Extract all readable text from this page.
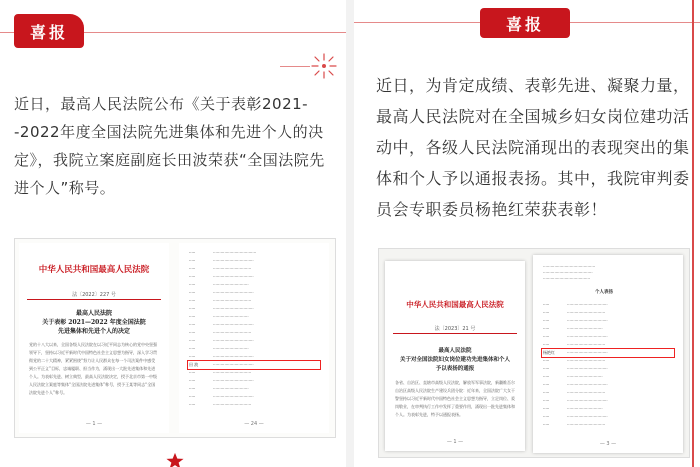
喜报
近日，最高人民法院公布《关于表彰2021--2022年度全国法院先进集体和先进个人的决定》，我院立案庭副庭长田波荣获“全国法院先进个人”称号。
中华人民共和国最高人民法院
法〔2022〕227 号
最高人民法院
关于表彰 2021—2022 年度全国法院
先进集体和先进个人的决定
党的十八大以来，全国各级人民法院在以习近平同志为核心的党中央坚强领导下，坚持以习近平新时代中国特色社会主义思想为指导，深入学习贯彻党的二十大精神，紧紧围绕“努力让人民群众在每一个司法案件中感受到公平正义”目标，忠诚履职、担当作为，涌现出一大批先进集体和先进个人。为表彰先进、树立典型，最高人民法院决定，授予北京市第一中级人民法院立案庭等集体“全国法院先进集体”称号，授予王某等同志“全国法院先进个人”称号。
— 1 —
·····	··································
·····	································
·····	······························
·····	································
·····	····························
·····	································
·····	······························
·····	································
·····	····························
·····	································
·····	······························
·····	································
·····	····························
·····	································
田 波	································
·····	······························
·····	································
·····	····························
·····	································
·····	······························
— 24 —
喜报
近日，为肯定成绩、表彰先进、凝聚力量，最高人民法院对在全国城乡妇女岗位建功活动中，各级人民法院涌现出的表现突出的集体和个人予以通报表扬。其中，我院审判委员会专职委员杨艳红荣获表彰！
中华人民共和国最高人民法院
法〔2023〕21 号
最高人民法院
关于对全国法院妇女岗位建功先进集体和个人
予以表扬的通报
各省、自治区、直辖市高级人民法院，解放军军事法院，新疆维吾尔自治区高级人民法院生产建设兵团分院：近年来，全国法院广大女干警坚持以习近平新时代中国特色社会主义思想为指导，立足岗位、爱岗敬业，在审判执行工作中发挥了重要作用，涌现出一批先进集体和个人。为表彰先进，特予以通报表扬。
— 1 —
·········································
·······································
·····································
个人表扬
·····	································
·····	······························
·····	································
·····	····························
·····	································
·····	······························
杨艳红	································
·····	······························
·····	································
·····	····························
·····	································
·····	······························
·····	································
·····	····························
·····	································
·····	······························
— 3 —
